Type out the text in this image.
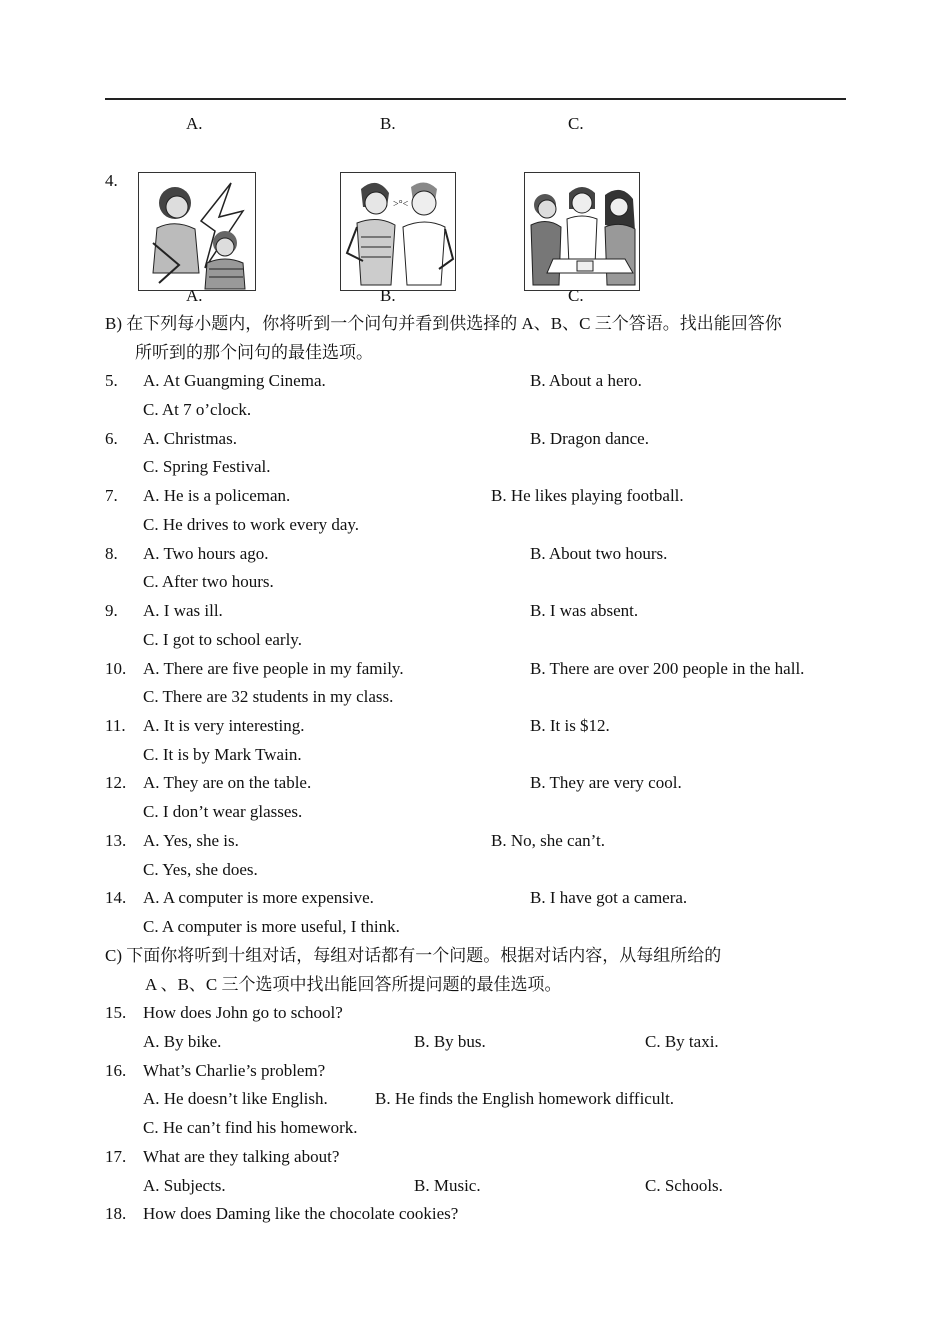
A.	B.	C.
4.
>°<
A.	B.	C.
B) 在下列每小题内，你将听到一个问句并看到供选择的 A、B、C 三个答语。找出能回答你
所听到的那个问句的最佳选项。
5. A. At Guangming Cinema.	B. About a hero.
C. At 7 o’clock.
6. A. Christmas.	B. Dragon dance.
C. Spring Festival.
7. A. He is a policeman.	B. He likes playing football.
C. He drives to work every day.
8. A. Two hours ago.	B. About two hours.
C. After two hours.
9. A. I was ill.	B. I was absent.
C. I got to school early.
10. A. There are five people in my family.	B. There are over 200 people in the hall.
C. There are 32 students in my class.
11. A. It is very interesting.	B. It is $12.
C. It is by Mark Twain.
12. A. They are on the table.	B. They are very cool.
C. I don’t wear glasses.
13. A. Yes, she is.	B. No, she can’t.
C. Yes, she does.
14. A. A computer is more expensive.	B. I have got a camera.
C. A computer is more useful, I think.
C) 下面你将听到十组对话，每组对话都有一个问题。根据对话内容，从每组所给的
A 、B、C 三个选项中找出能回答所提问题的最佳选项。
15. How does John go to school?
A. By bike.	B. By bus.	C. By taxi.
16. What’s Charlie’s problem?
A. He doesn’t like English.	B. He finds the English homework difficult.
C. He can’t find his homework.
17. What are they talking about?
A. Subjects.	B. Music.	C. Schools.
18. How does Daming like the chocolate cookies?
